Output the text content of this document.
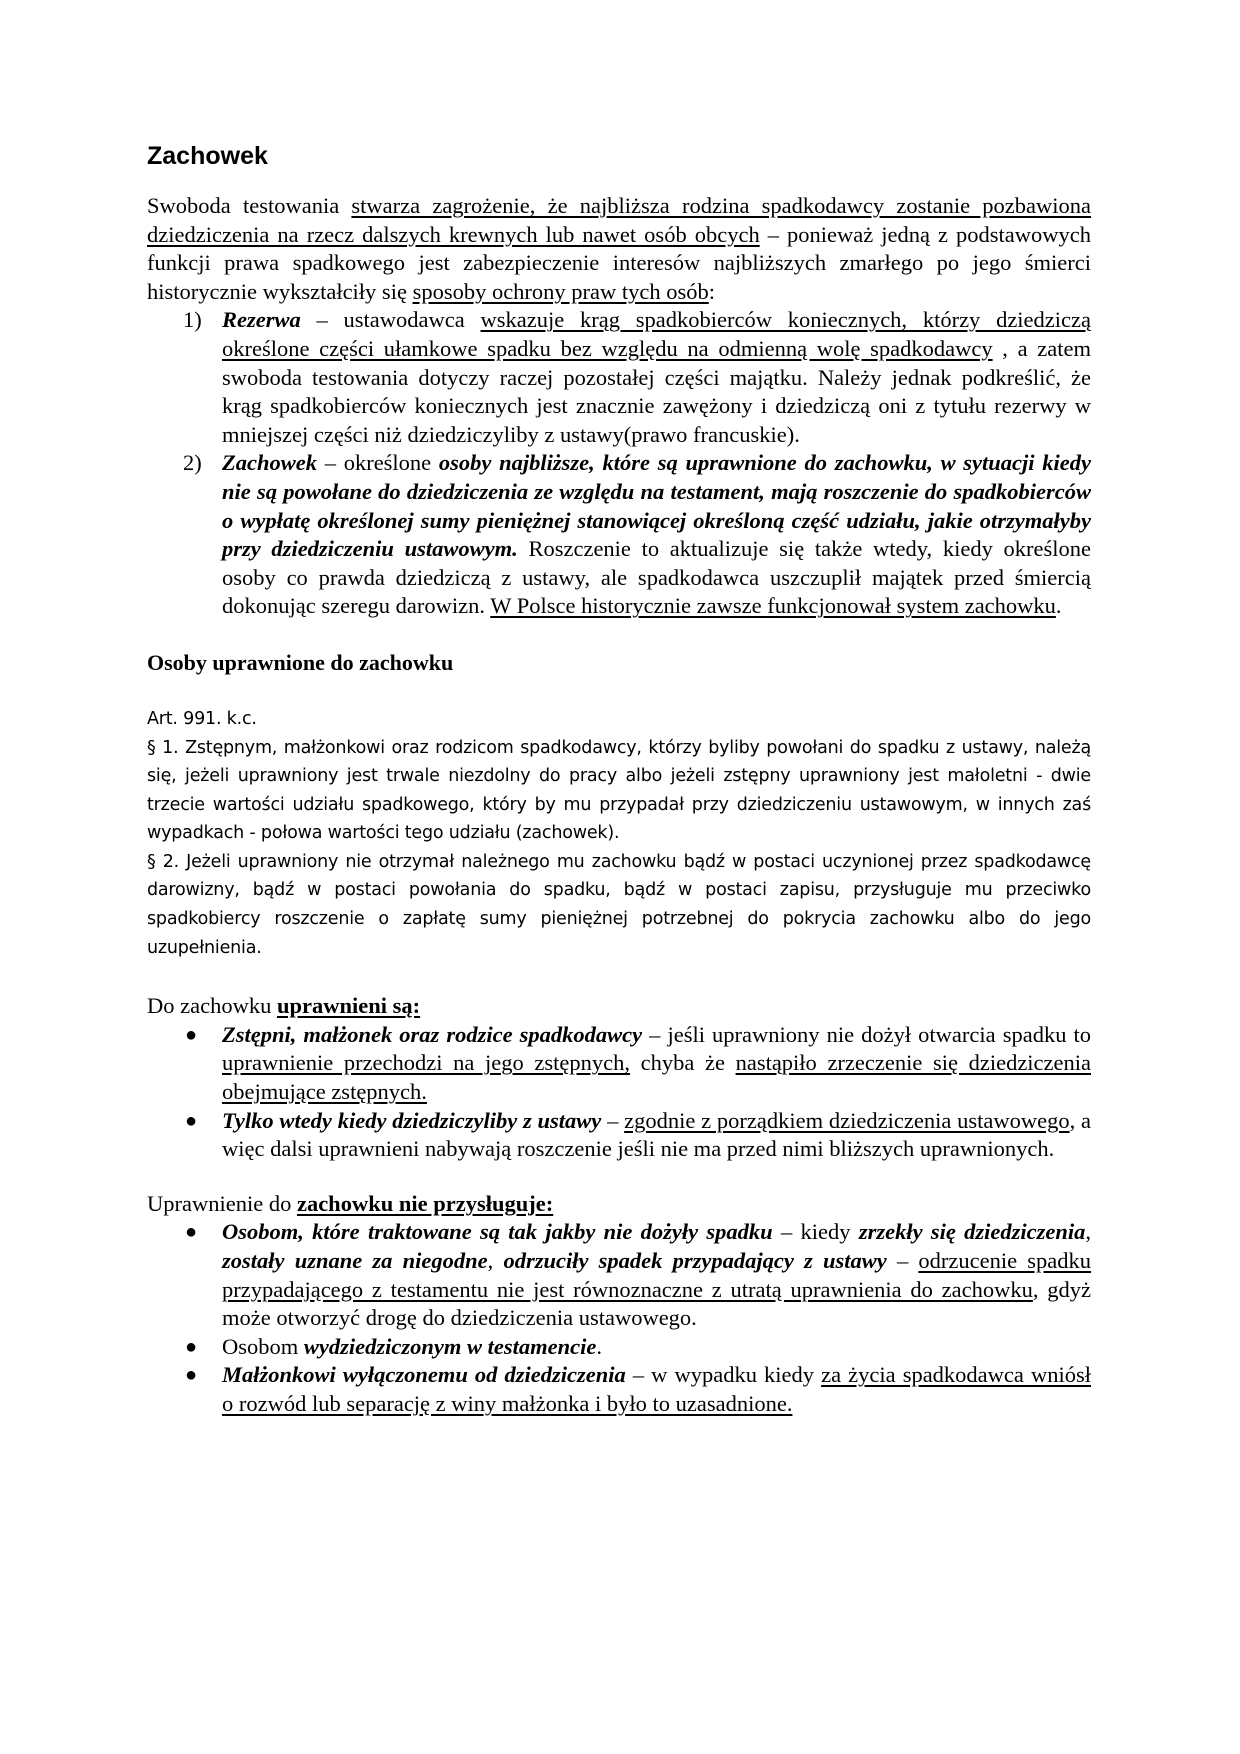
Zachowek

Swoboda testowania stwarza zagrożenie, że najbliższa rodzina spadkodawcy zostanie pozbawiona dziedziczenia na rzecz dalszych krewnych lub nawet osób obcych – ponieważ jedną z podstawowych funkcji prawa spadkowego jest zabezpieczenie interesów najbliższych zmarłego po jego śmierci historycznie wykształciły się sposoby ochrony praw tych osób:

1) Rezerwa – ustawodawca wskazuje krąg spadkobierców koniecznych, którzy dziedziczą określone części ułamkowe spadku bez względu na odmienną wolę spadkodawcy , a zatem swoboda testowania dotyczy raczej pozostałej części majątku. Należy jednak podkreślić, że krąg spadkobierców koniecznych jest znacznie zawężony i dziedziczą oni z tytułu rezerwy w mniejszej części niż dziedziczyliby z ustawy(prawo francuskie).
2) Zachowek – określone osoby najbliższe, które są uprawnione do zachowku, w sytuacji kiedy nie są powołane do dziedziczenia ze względu na testament, mają roszczenie do spadkobierców o wypłatę określonej sumy pieniężnej stanowiącej określoną część udziału, jakie otrzymałyby przy dziedziczeniu ustawowym. Roszczenie to aktualizuje się także wtedy, kiedy określone osoby co prawda dziedziczą z ustawy, ale spadkodawca uszczuplił majątek przed śmiercią dokonując szeregu darowizn. W Polsce historycznie zawsze funkcjonował system zachowku.
Osoby uprawnione do zachowku

Art. 991. k.c.

§ 1. Zstępnym, małżonkowi oraz rodzicom spadkodawcy, którzy byliby powołani do spadku z ustawy, należą się, jeżeli uprawniony jest trwale niezdolny do pracy albo jeżeli zstępny uprawniony jest małoletni - dwie trzecie wartości udziału spadkowego, który by mu przypadał przy dziedziczeniu ustawowym, w innych zaś wypadkach - połowa wartości tego udziału (zachowek).

§ 2. Jeżeli uprawniony nie otrzymał należnego mu zachowku bądź w postaci uczynionej przez spadkodawcę darowizny, bądź w postaci powołania do spadku, bądź w postaci zapisu, przysługuje mu przeciwko spadkobiercy roszczenie o zapłatę sumy pieniężnej potrzebnej do pokrycia zachowku albo do jego uzupełnienia.

Do zachowku uprawnieni są:

● Zstępni, małżonek oraz rodzice spadkodawcy – jeśli uprawniony nie dożył otwarcia spadku to uprawnienie przechodzi na jego zstępnych, chyba że nastąpiło zrzeczenie się dziedziczenia obejmujące zstępnych.
● Tylko wtedy kiedy dziedziczyliby z ustawy – zgodnie z porządkiem dziedziczenia ustawowego, a więc dalsi uprawnieni nabywają roszczenie jeśli nie ma przed nimi bliższych uprawnionych.

Uprawnienie do zachowku nie przysługuje:

● Osobom, które traktowane są tak jakby nie dożyły spadku – kiedy zrzekły się dziedziczenia, zostały uznane za niegodne, odrzuciły spadek przypadający z ustawy – odrzucenie spadku przypadającego z testamentu nie jest równoznaczne z utratą uprawnienia do zachowku, gdyż może otworzyć drogę do dziedziczenia ustawowego.
● Osobom wydziedziczonym w testamencie.
● Małżonkowi wyłączonemu od dziedziczenia – w wypadku kiedy za życia spadkodawca wniósł o rozwód lub separację z winy małżonka i było to uzasadnione.
